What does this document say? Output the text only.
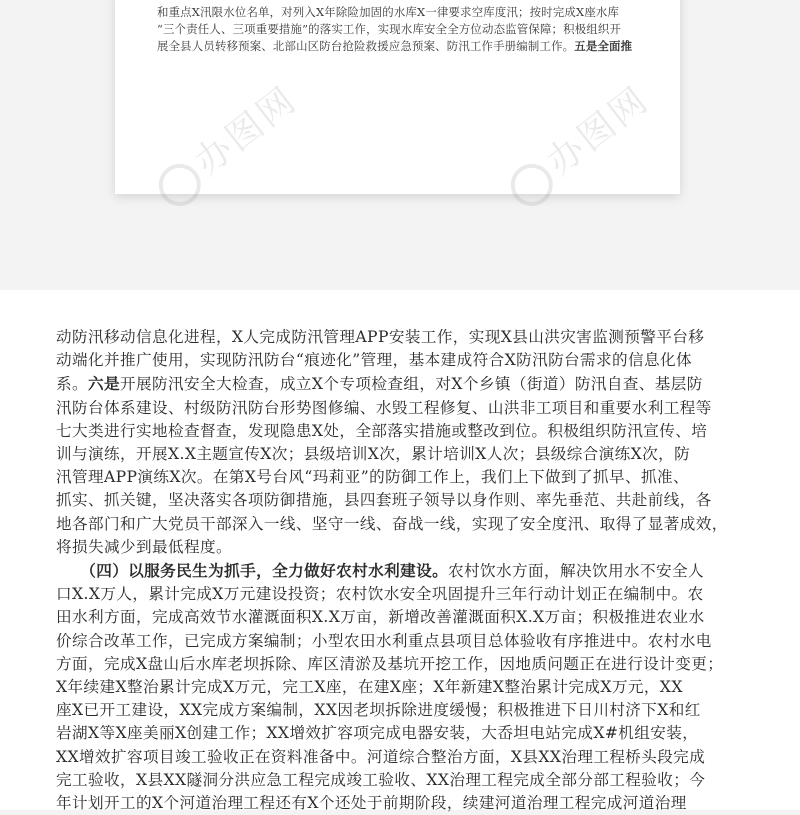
和重点X汛限水位名单，对列入X年除险加固的水库X一律要求空库度汛；按时完成X座水库

“三个责任人、三项重要措施”的落实工作，实现水库安全全方位动态监管保障；积极组织开

展全县人员转移预案、北部山区防台抢险救援应急预案、防汛工作手册编制工作。五是全面推

办图网	办图网

动防汛移动信息化进程，X人完成防汛管理APP安装工作，实现X县山洪灾害监测预警平台移

动端化并推广使用，实现防汛防台“痕迹化”管理，基本建成符合X防汛防台需求的信息化体

系。六是开展防汛安全大检查，成立X个专项检查组，对X个乡镇（街道）防汛自查、基层防

汛防台体系建设、村级防汛防台形势图修编、水毁工程修复、山洪非工项目和重要水利工程等

七大类进行实地检查督查，发现隐患X处，全部落实措施或整改到位。积极组织防汛宣传、培

训与演练，开展X.X主题宣传X次；县级培训X次，累计培训X人次；县级综合演练X次，防

汛管理APP演练X次。在第X号台风“玛莉亚”的防御工作上，我们上下做到了抓早、抓准、

抓实、抓关键，坚决落实各项防御措施，县四套班子领导以身作则、率先垂范、共赴前线，各

地各部门和广大党员干部深入一线、坚守一线、奋战一线，实现了安全度汛、取得了显著成效，

将损失减少到最低程度。

  （四）以服务民生为抓手，全力做好农村水利建设。农村饮水方面，解决饮用水不安全人

口X.X万人，累计完成X万元建设投资；农村饮水安全巩固提升三年行动计划正在编制中。农

田水利方面，完成高效节水灌溉面积X.X万亩，新增改善灌溉面积X.X万亩；积极推进农业水

价综合改革工作，已完成方案编制；小型农田水利重点县项目总体验收有序推进中。农村水电

方面，完成X盘山后水库老坝拆除、库区清淤及基坑开挖工作，因地质问题正在进行设计变更；

X年续建X整治累计完成X万元，完工X座，在建X座；X年新建X整治累计完成X万元，XX

座X已开工建设，XX完成方案编制，XX因老坝拆除进度缓慢；积极推进下日川村济下X和红

岩湖X等X座美丽X创建工作；XX增效扩容项完成电器安装，大岙坦电站完成X#机组安装，

XX增效扩容项目竣工验收正在资料准备中。河道综合整治方面，X县XX治理工程桥头段完成

完工验收，X县XX隧洞分洪应急工程完成竣工验收、XX治理工程完成全部分部工程验收；今

年计划开工的X个河道治理工程还有X个还处于前期阶段，续建河道治理工程完成河道治理
